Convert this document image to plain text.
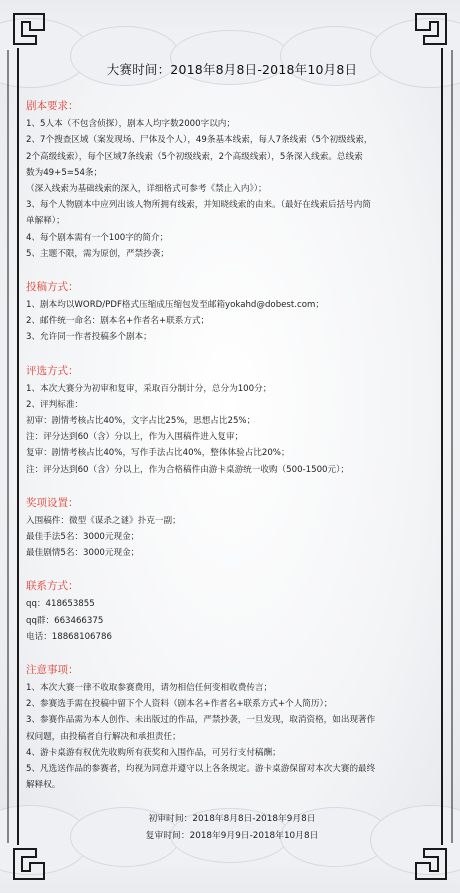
大赛时间：2018年8月8日-2018年10月8日
剧本要求：
1、5人本（不包含侦探），剧本人均字数2000字以内；
2、7个搜查区域（案发现场、尸体及个人），49条基本线索，每人7条线索（5个初级线索，
2个高级线索），每个区域7条线索（5个初级线索，2个高级线索），5条深入线索。总线索
数为49+5=54条；
（深入线索为基础线索的深入，详细格式可参考《禁止入内》）；
3、每个人物剧本中应列出该人物所拥有线索，并知晓线索的由来。（最好在线索后括号内简
单解释）；
4、每个剧本需有一个100字的简介；
5、主题不限，需为原创，严禁抄袭；
投稿方式：
1、剧本均以WORD/PDF格式压缩成压缩包发至邮箱yokahd@dobest.com；
2、邮件统一命名：剧本名+作者名+联系方式；
3、允许同一作者投稿多个剧本；
评选方式：
1、本次大赛分为初审和复审，采取百分制计分，总分为100分；
2、评判标准：
初审：剧情考核占比40%，文字占比25%，思想占比25%；
注：评分达到60（含）分以上，作为入围稿件进入复审；
复审：剧情考核占比40%，写作手法占比40%，整体体验占比20%；
注：评分达到60（含）分以上，作为合格稿件由游卡桌游统一收购（500-1500元）；
奖项设置：
入围稿件：微型《谋杀之谜》扑克一副；
最佳手法5名：3000元现金；
最佳剧情5名：3000元现金；
联系方式：
qq：418653855
qq群：663466375
电话：18868106786
注意事项：
1、本次大赛一律不收取参赛费用，请勿相信任何变相收费传言；
2、参赛选手需在投稿中留下个人资料（剧本名+作者名+联系方式+个人简历）；
3、参赛作品需为本人创作、未出版过的作品，严禁抄袭，一旦发现，取消资格，如出现著作
权问题，由投稿者自行解决和承担责任；
4、游卡桌游有权优先收购所有获奖和入围作品，可另行支付稿酬；
5、凡选送作品的参赛者，均视为同意并遵守以上各条规定。游卡桌游保留对本次大赛的最终
解释权。
初审时间：2018年8月8日-2018年9月8日
复审时间：2018年9月9日-2018年10月8日
